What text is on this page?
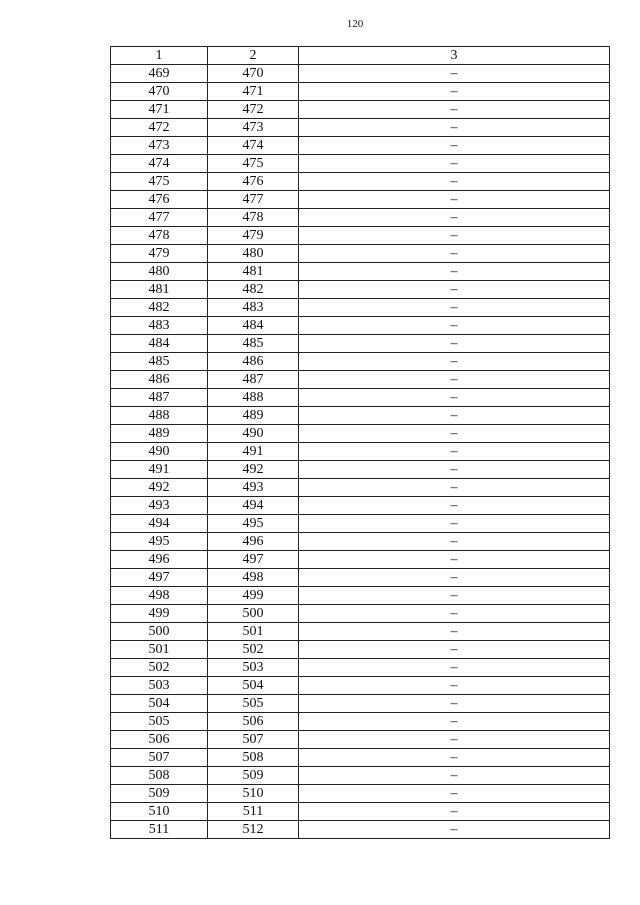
120
1	2	3
469	470	–
470	471	–
471	472	–
472	473	–
473	474	–
474	475	–
475	476	–
476	477	–
477	478	–
478	479	–
479	480	–
480	481	–
481	482	–
482	483	–
483	484	–
484	485	–
485	486	–
486	487	–
487	488	–
488	489	–
489	490	–
490	491	–
491	492	–
492	493	–
493	494	–
494	495	–
495	496	–
496	497	–
497	498	–
498	499	–
499	500	–
500	501	–
501	502	–
502	503	–
503	504	–
504	505	–
505	506	–
506	507	–
507	508	–
508	509	–
509	510	–
510	511	–
511	512	–
